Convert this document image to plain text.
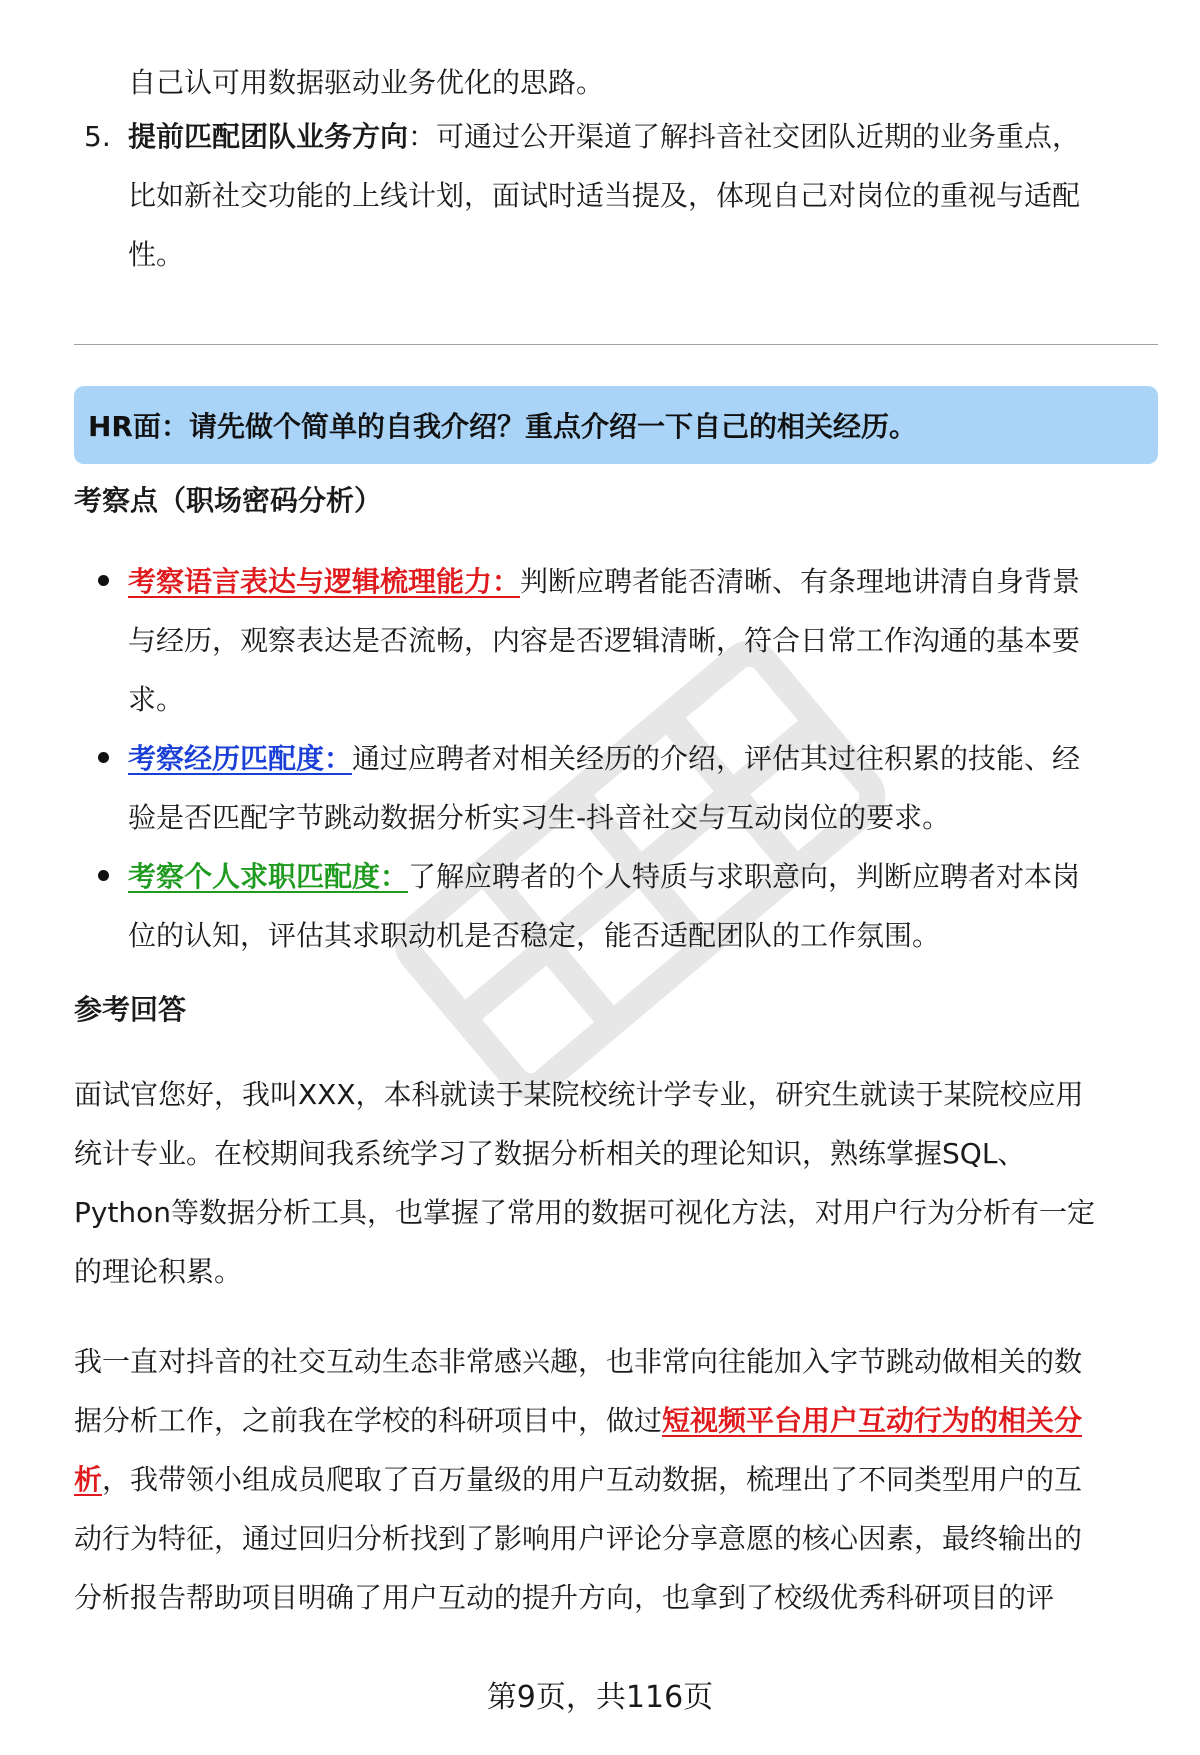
自己认可用数据驱动业务优化的思路。

5. 提前匹配团队业务方向：可通过公开渠道了解抖音社交团队近期的业务重点，

比如新社交功能的上线计划，面试时适当提及，体现自己对岗位的重视与适配

性。

HR面：请先做个简单的自我介绍？重点介绍一下自己的相关经历。
考察点（职场密码分析）

考察语言表达与逻辑梳理能力：判断应聘者能否清晰、有条理地讲清自身背景

与经历，观察表达是否流畅，内容是否逻辑清晰，符合日常工作沟通的基本要

求。

考察经历匹配度：通过应聘者对相关经历的介绍，评估其过往积累的技能、经

验是否匹配字节跳动数据分析实习生-抖音社交与互动岗位的要求。

考察个人求职匹配度：了解应聘者的个人特质与求职意向，判断应聘者对本岗

位的认知，评估其求职动机是否稳定，能否适配团队的工作氛围。

参考回答

面试官您好，我叫XXX，本科就读于某院校统计学专业，研究生就读于某院校应用

统计专业。在校期间我系统学习了数据分析相关的理论知识，熟练掌握SQL、

Python等数据分析工具，也掌握了常用的数据可视化方法，对用户行为分析有一定

的理论积累。

我一直对抖音的社交互动生态非常感兴趣，也非常向往能加入字节跳动做相关的数

据分析工作，之前我在学校的科研项目中，做过短视频平台用户互动行为的相关分

析，我带领小组成员爬取了百万量级的用户互动数据，梳理出了不同类型用户的互

动行为特征，通过回归分析找到了影响用户评论分享意愿的核心因素，最终输出的

分析报告帮助项目明确了用户互动的提升方向，也拿到了校级优秀科研项目的评

第9页，共116页
